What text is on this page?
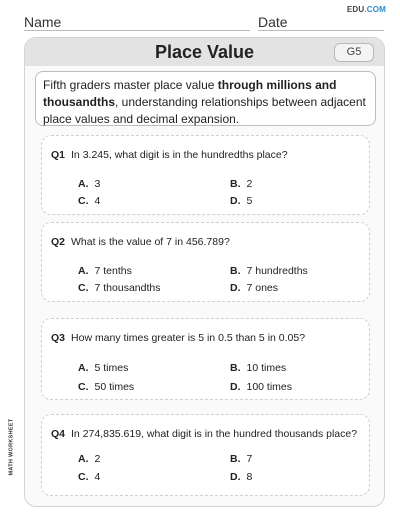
EDU.COM
Name	Date
Place Value	G5
Fifth graders master place value through millions and thousandths, understanding relationships between adjacent place values and decimal expansion.
Q1 In 3.245, what digit is in the hundredths place?
A. 3	B. 2
C. 4	D. 5
Q2 What is the value of 7 in 456.789?
A. 7 tenths	B. 7 hundredths
C. 7 thousandths	D. 7 ones
Q3 How many times greater is 5 in 0.5 than 5 in 0.05?
A. 5 times	B. 10 times
C. 50 times	D. 100 times
Q4 In 274,835.619, what digit is in the hundred thousands place?
A. 2	B. 7
C. 4	D. 8
MATH WORKSHEET
